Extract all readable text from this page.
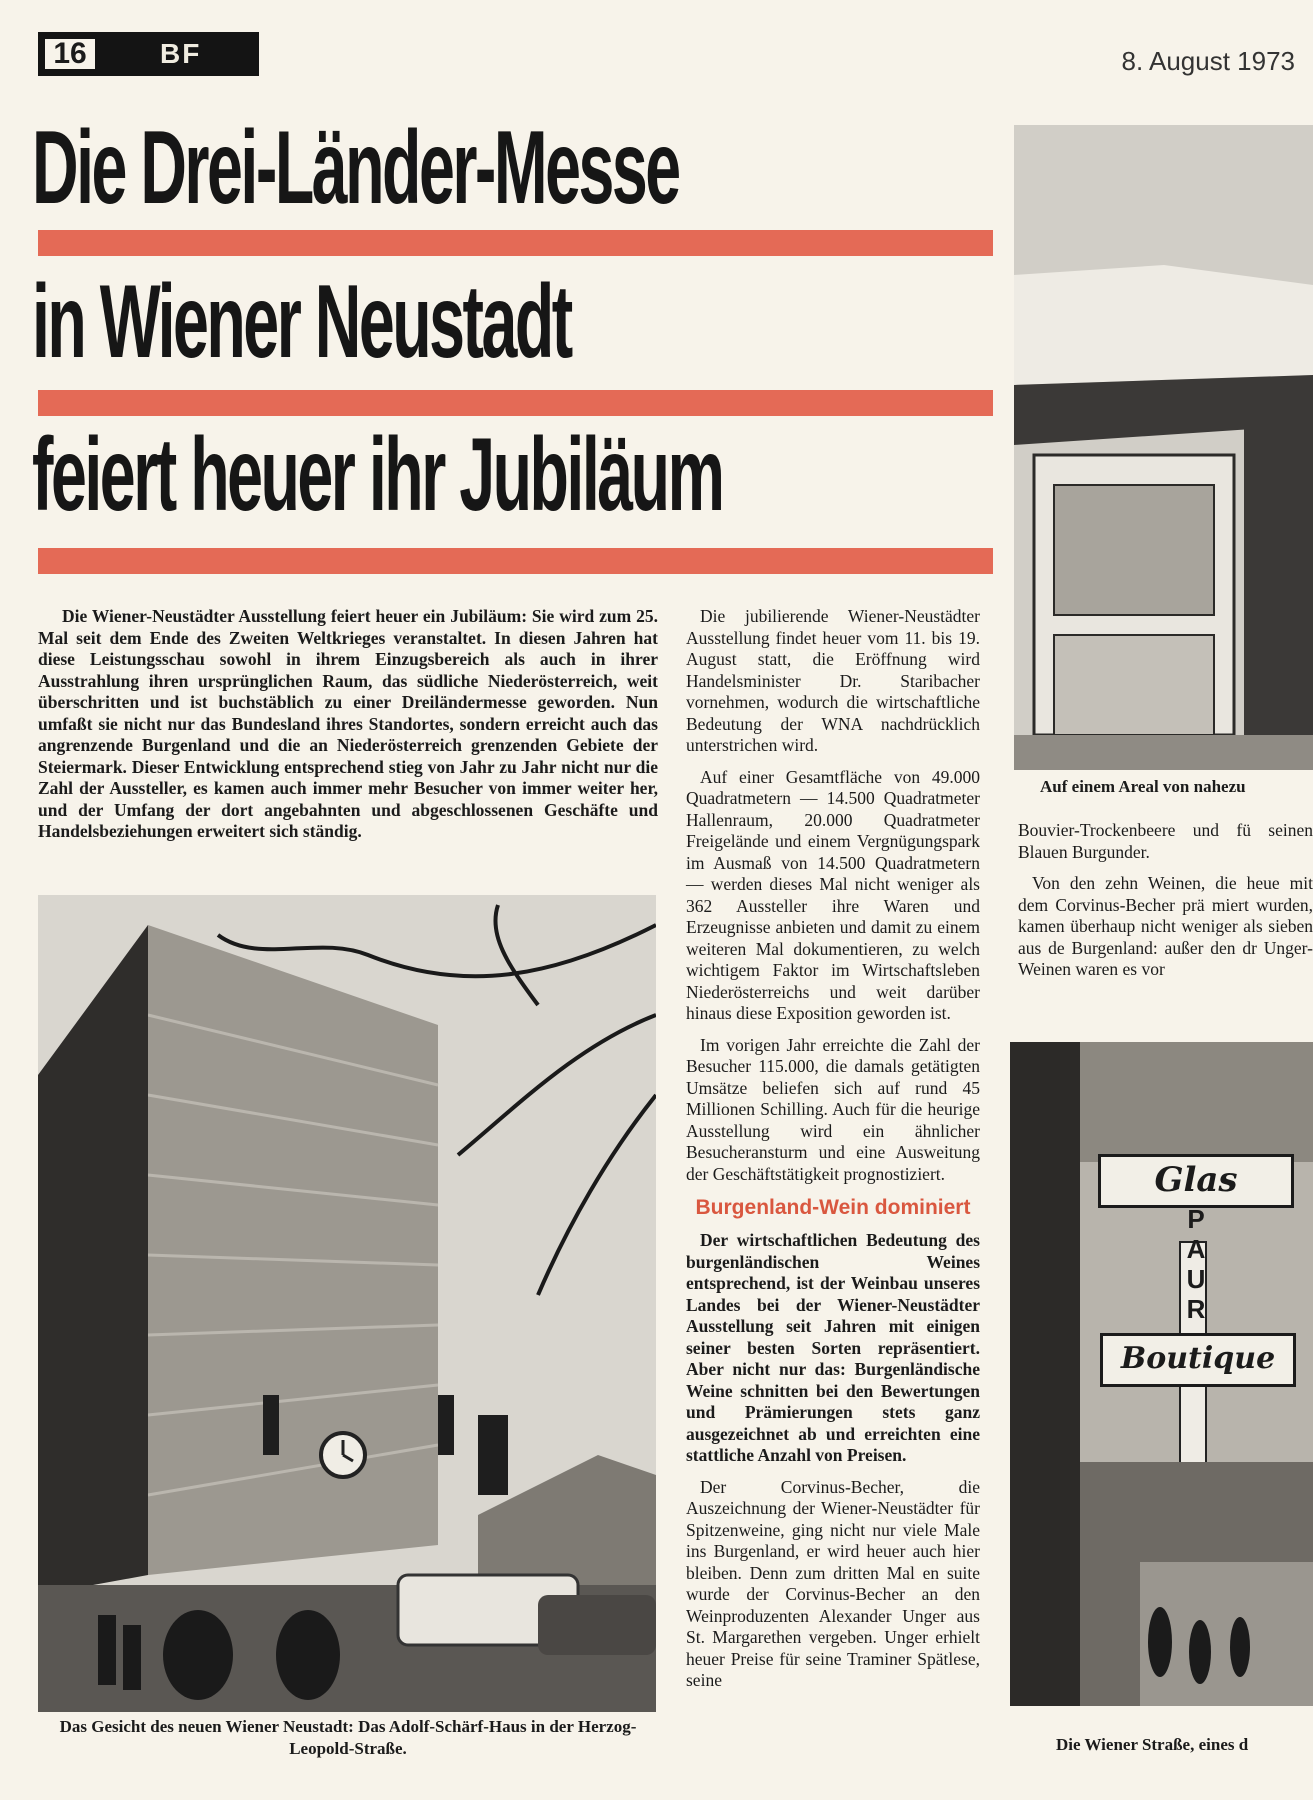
16	BF	8. August 1973
Die Drei-Länder-Messe
in Wiener Neustadt
feiert heuer ihr Jubiläum

Die Wiener-Neustädter Ausstellung feiert heuer ein Jubiläum: Sie wird zum 25. Mal seit dem Ende des Zweiten Weltkrieges veranstaltet. In diesen Jahren hat diese Leistungsschau sowohl in ihrem Einzugsbereich als auch in ihrer Ausstrahlung ihren ursprünglichen Raum, das südliche Niederösterreich, weit überschritten und ist buchstäblich zu einer Dreiländermesse geworden. Nun umfaßt sie nicht nur das Bundesland ihres Standortes, sondern erreicht auch das angrenzende Burgenland und die an Niederösterreich grenzenden Gebiete der Steiermark. Dieser Entwicklung entsprechend stieg von Jahr zu Jahr nicht nur die Zahl der Aussteller, es kamen auch immer mehr Besucher von immer weiter her, und der Umfang der dort angebahnten und abgeschlossenen Geschäfte und Handelsbeziehungen erweitert sich ständig.

Das Gesicht des neuen Wiener Neustadt: Das Adolf-Schärf-Haus in der Herzog-Leopold-Straße.

Die jubilierende Wiener-Neustädter Ausstellung findet heuer vom 11. bis 19. August statt, die Eröffnung wird Handelsminister Dr. Staribacher vornehmen, wodurch die wirtschaftliche Bedeutung der WNA nachdrücklich unterstrichen wird.

Auf einer Gesamtfläche von 49.000 Quadratmetern — 14.500 Quadratmeter Hallenraum, 20.000 Quadratmeter Freigelände und einem Vergnügungspark im Ausmaß von 14.500 Quadratmetern — werden dieses Mal nicht weniger als 362 Aussteller ihre Waren und Erzeugnisse anbieten und damit zu einem weiteren Mal dokumentieren, zu welch wichtigem Faktor im Wirtschaftsleben Niederösterreichs und weit darüber hinaus diese Exposition geworden ist.

Im vorigen Jahr erreichte die Zahl der Besucher 115.000, die damals getätigten Umsätze beliefen sich auf rund 45 Millionen Schilling. Auch für die heurige Ausstellung wird ein ähnlicher Besucheransturm und eine Ausweitung der Geschäftstätigkeit prognostiziert.

Burgenland-Wein dominiert

Der wirtschaftlichen Bedeutung des burgenländischen Weines entsprechend, ist der Weinbau unseres Landes bei der Wiener-Neustädter Ausstellung seit Jahren mit einigen seiner besten Sorten repräsentiert. Aber nicht nur das: Burgenländische Weine schnitten bei den Bewertungen und Prämierungen stets ganz ausgezeichnet ab und erreichten eine stattliche Anzahl von Preisen.

Der Corvinus-Becher, die Auszeichnung der Wiener-Neustädter für Spitzenweine, ging nicht nur viele Male ins Burgenland, er wird heuer auch hier bleiben. Denn zum dritten Mal en suite wurde der Corvinus-Becher an den Weinproduzenten Alexander Unger aus St. Margarethen vergeben. Unger erhielt heuer Preise für seine Traminer Spätlese, seine

Auf einem Areal von nahezu

Bouvier-Trockenbeere und fü seinen Blauen Burgunder.

Von den zehn Weinen, die heue mit dem Corvinus-Becher prä miert wurden, kamen überhaup nicht weniger als sieben aus de Burgenland: außer den dr Unger-Weinen waren es vor

Glas
PAUR
Boutique
Die Wiener Straße, eines d
